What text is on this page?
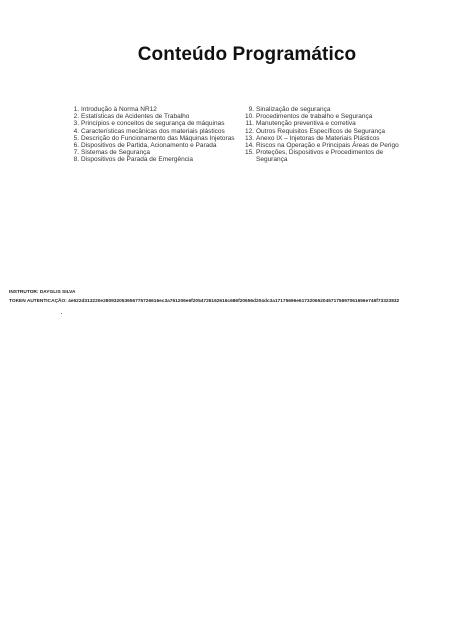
Conteúdo Programático
1. Introdução à Norma NR12
2. Estatísticas de Acidentes de Trabalho
3. Princípios e conceitos de segurança de máquinas
4. Características mecânicas dos materiais plásticos
5. Descrição do Funcionamento das Máquinas Injetoras
6. Dispositivos de Partida, Acionamento e Parada
7. Sistemas de Segurança
8. Dispositivos de Parada de Emergência
9. Sinalização de segurança
10. Procedimentos de trabalho e Segurança
11. Manutenção preventiva e corretiva
12. Outros Requisitos Específicos de Segurança
13. Anexo IX – Injetoras de Materiais Plásticos
14. Riscos na Operação e Principais Áreas de Perigo
15. Proteções, Dispositivos e Procedimentos de Segurança
INSTRUTOR: DAYGLIS SILVA
TOKEN AUTENTICAÇÃO: 4e522d313220e280932053656775726616ec3a761206e6f2054726162616c686f20656d204dc3a17175696e6173206520457175697061656e746f73323832
